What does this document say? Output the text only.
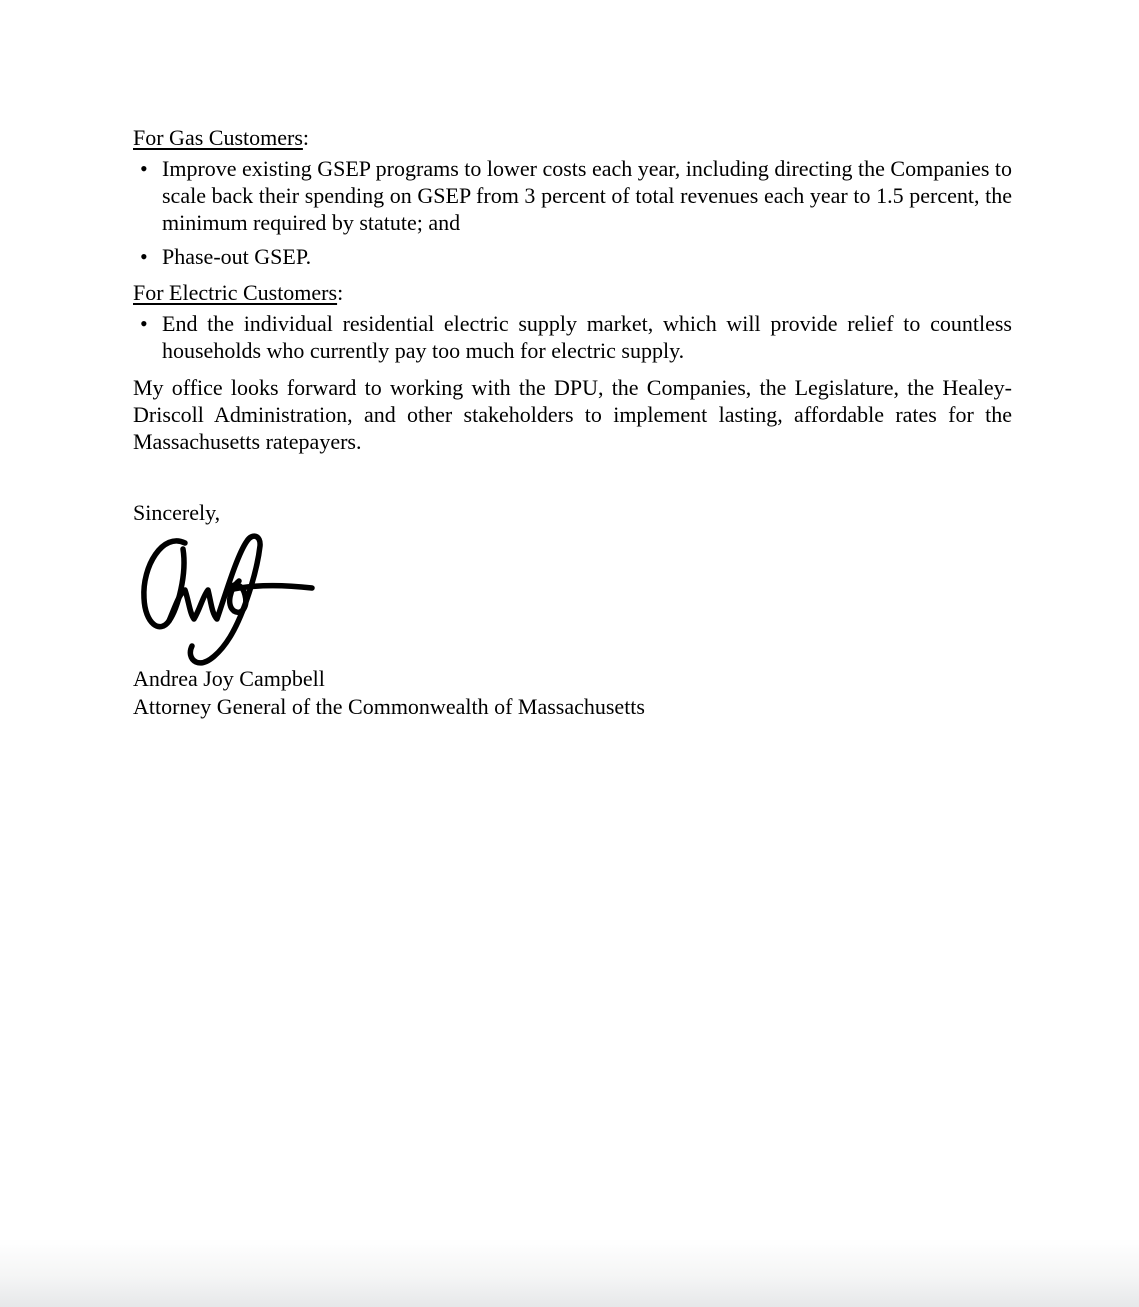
For Gas Customers:

• Improve existing GSEP programs to lower costs each year, including directing the Companies to scale back their spending on GSEP from 3 percent of total revenues each year to 1.5 percent, the minimum required by statute; and
• Phase-out GSEP.

For Electric Customers:

• End the individual residential electric supply market, which will provide relief to countless households who currently pay too much for electric supply.

My office looks forward to working with the DPU, the Companies, the Legislature, the Healey-Driscoll Administration, and other stakeholders to implement lasting, affordable rates for the Massachusetts ratepayers.

Sincerely,
Andrea Joy Campbell
Attorney General of the Commonwealth of Massachusetts
